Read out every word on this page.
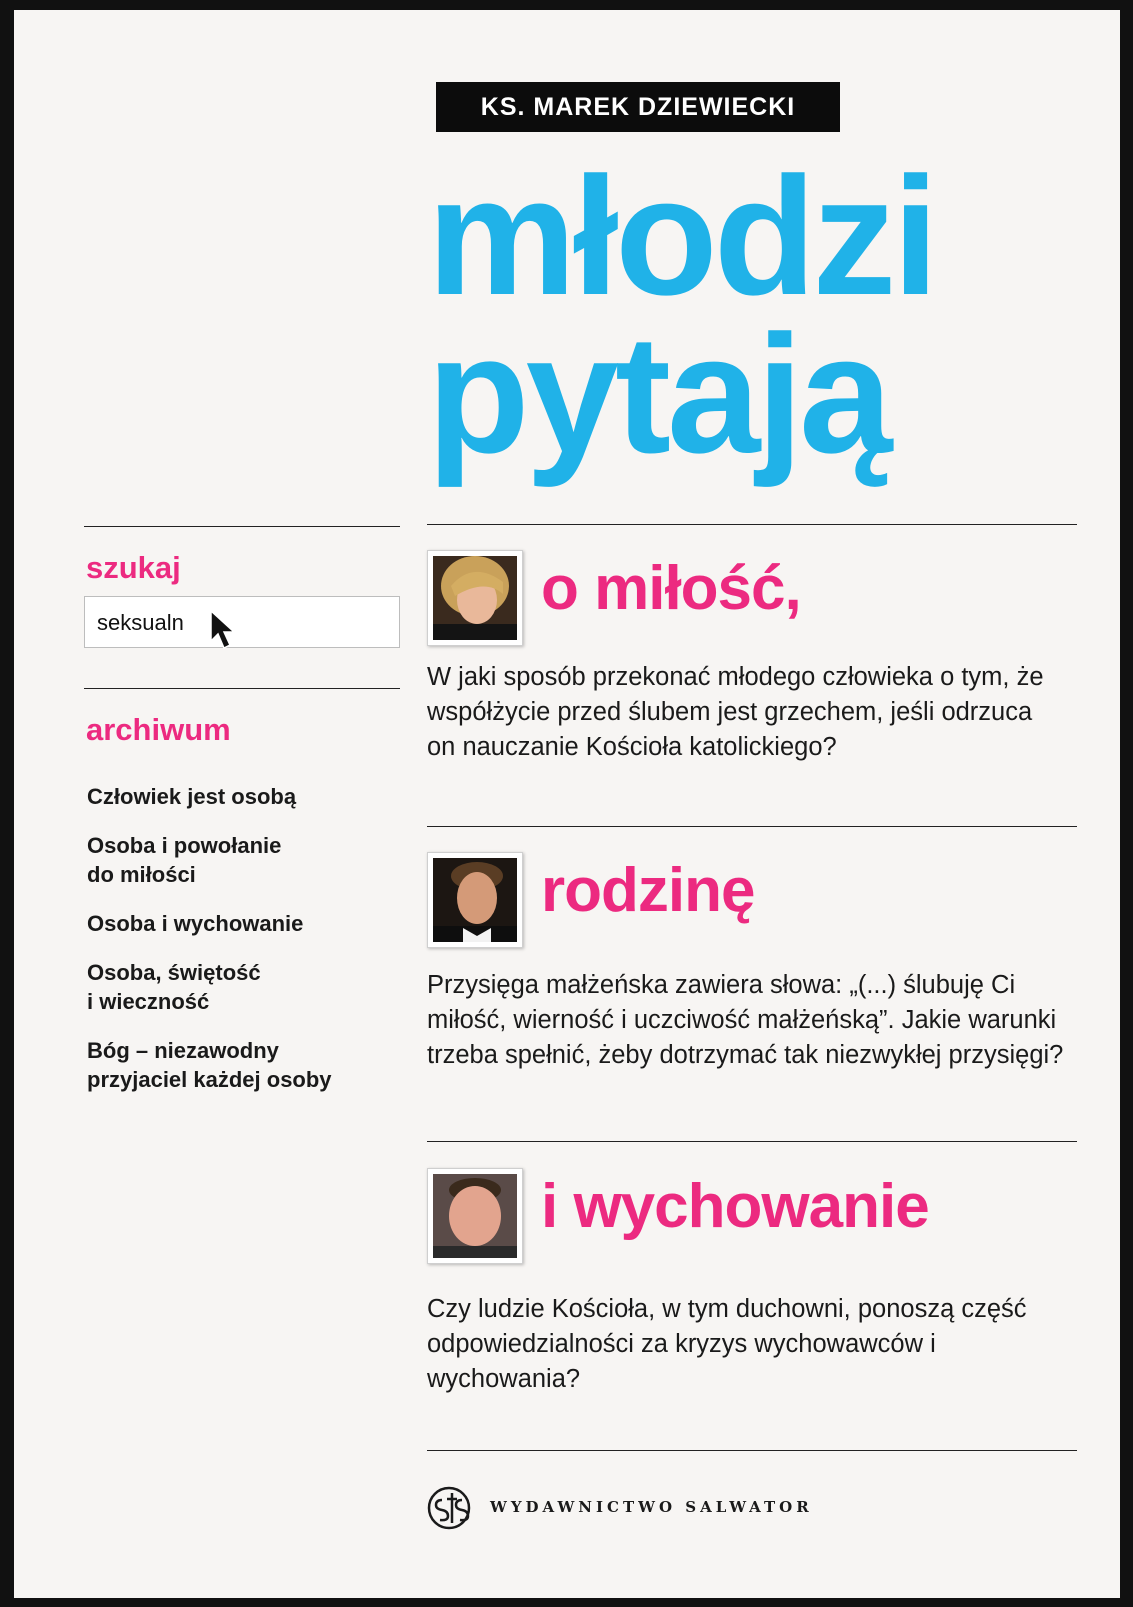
KS. MAREK DZIEWIECKI
młodzi
pytają
szukaj
seksualn
archiwum
Człowiek jest osobą
Osoba i powołanie
do miłości
Osoba i wychowanie
Osoba, świętość
i wieczność
Bóg – niezawodny
przyjaciel każdej osoby
o miłość,
W jaki sposób przekonać młodego człowieka o tym, że współżycie przed ślubem jest grzechem, jeśli odrzuca on nauczanie Kościoła katolickiego?
rodzinę
Przysięga małżeńska zawiera słowa: „(...) ślubuję Ci miłość, wierność i uczciwość małżeńską”. Jakie warunki trzeba spełnić, żeby dotrzymać tak niezwykłej przysięgi?
i wychowanie
Czy ludzie Kościoła, w tym duchowni, ponoszą część odpowiedzialności za kryzys wychowawców i wychowania?
WYDAWNICTWO SALWATOR
